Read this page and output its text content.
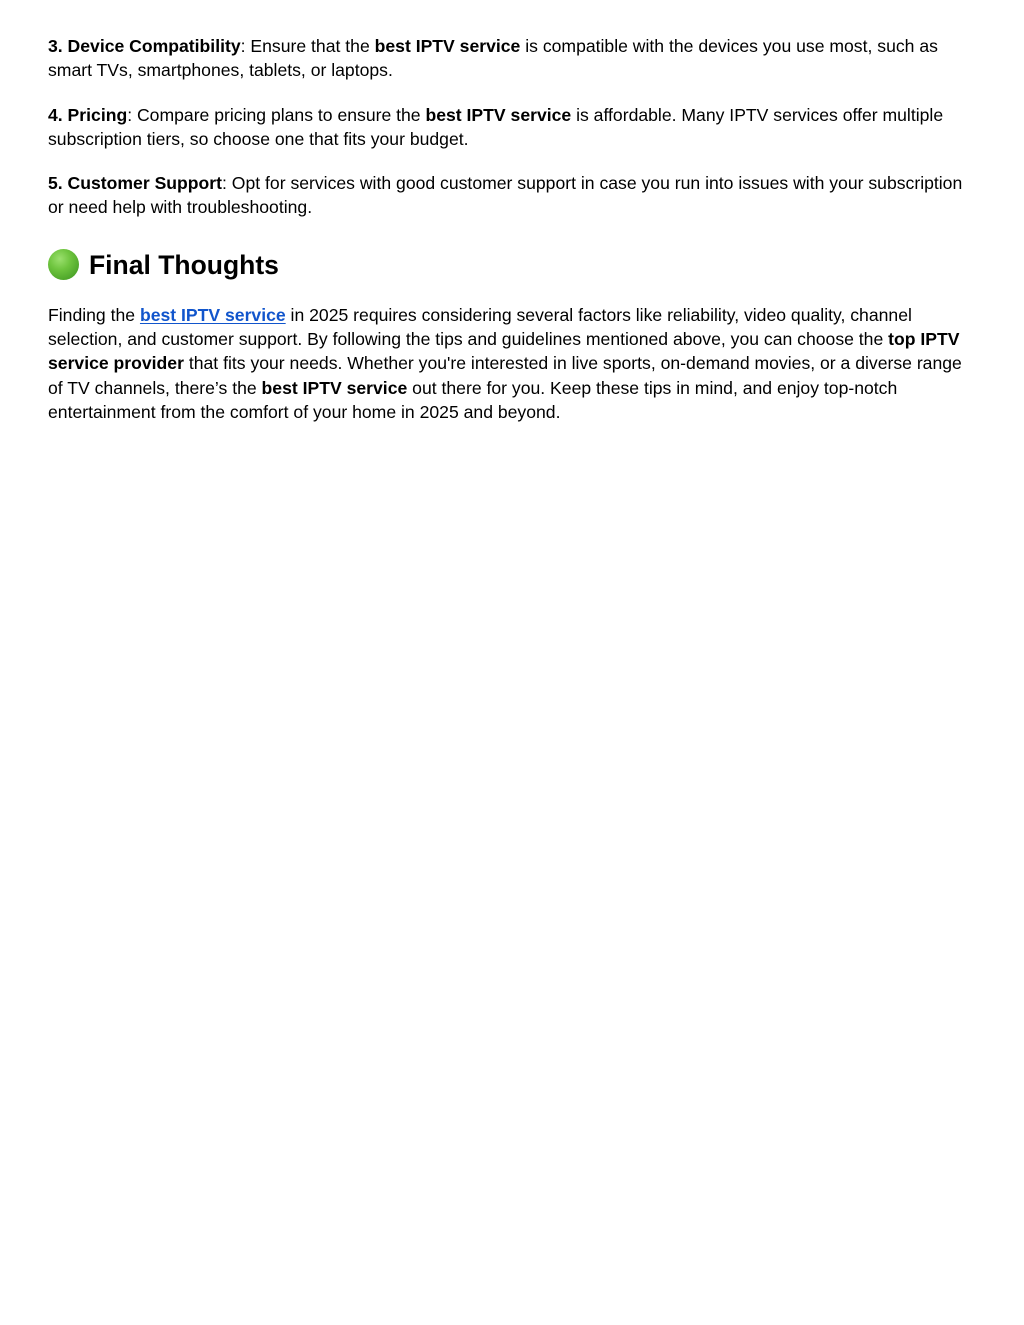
3. Device Compatibility: Ensure that the best IPTV service is compatible with the devices you use most, such as smart TVs, smartphones, tablets, or laptops.

4. Pricing: Compare pricing plans to ensure the best IPTV service is affordable. Many IPTV services offer multiple subscription tiers, so choose one that fits your budget.

5. Customer Support: Opt for services with good customer support in case you run into issues with your subscription or need help with troubleshooting.

Final Thoughts

Finding the best IPTV service in 2025 requires considering several factors like reliability, video quality, channel selection, and customer support. By following the tips and guidelines mentioned above, you can choose the top IPTV service provider that fits your needs. Whether you're interested in live sports, on-demand movies, or a diverse range of TV channels, there’s the best IPTV service out there for you. Keep these tips in mind, and enjoy top-notch entertainment from the comfort of your home in 2025 and beyond.
